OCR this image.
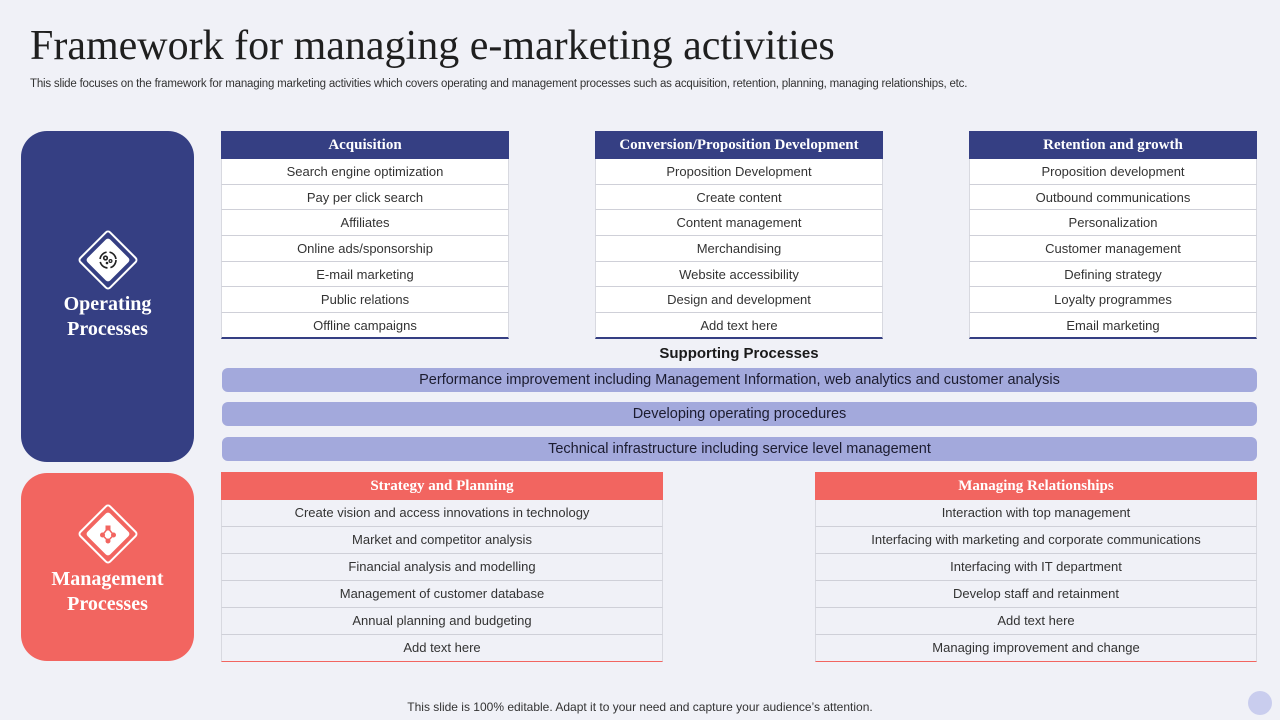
Framework for managing e-marketing activities
This slide focuses on the framework for managing marketing activities which covers operating and management processes such as acquisition, retention, planning, managing relationships, etc.
Operating
Processes
Management
Processes
Acquisition
Search engine optimization
Pay per click search
Affiliates
Online ads/sponsorship
E-mail marketing
Public relations
Offline campaigns
Conversion/Proposition Development
Proposition Development
Create content
Content management
Merchandising
Website accessibility
Design and development
Add text here
Retention and growth
Proposition development
Outbound communications
Personalization
Customer management
Defining strategy
Loyalty programmes
Email marketing
Supporting Processes
Performance improvement including Management Information, web analytics and customer analysis
Developing operating procedures
Technical infrastructure including service level management
Strategy and Planning
Create vision and access innovations in technology
Market and competitor analysis
Financial analysis and modelling
Management of customer database
Annual planning and budgeting
Add text here
Managing Relationships
Interaction with top management
Interfacing with marketing and corporate communications
Interfacing with IT department
Develop staff and retainment
Add text here
Managing improvement and change
This slide is 100% editable. Adapt it to your need and capture your audience’s attention.
